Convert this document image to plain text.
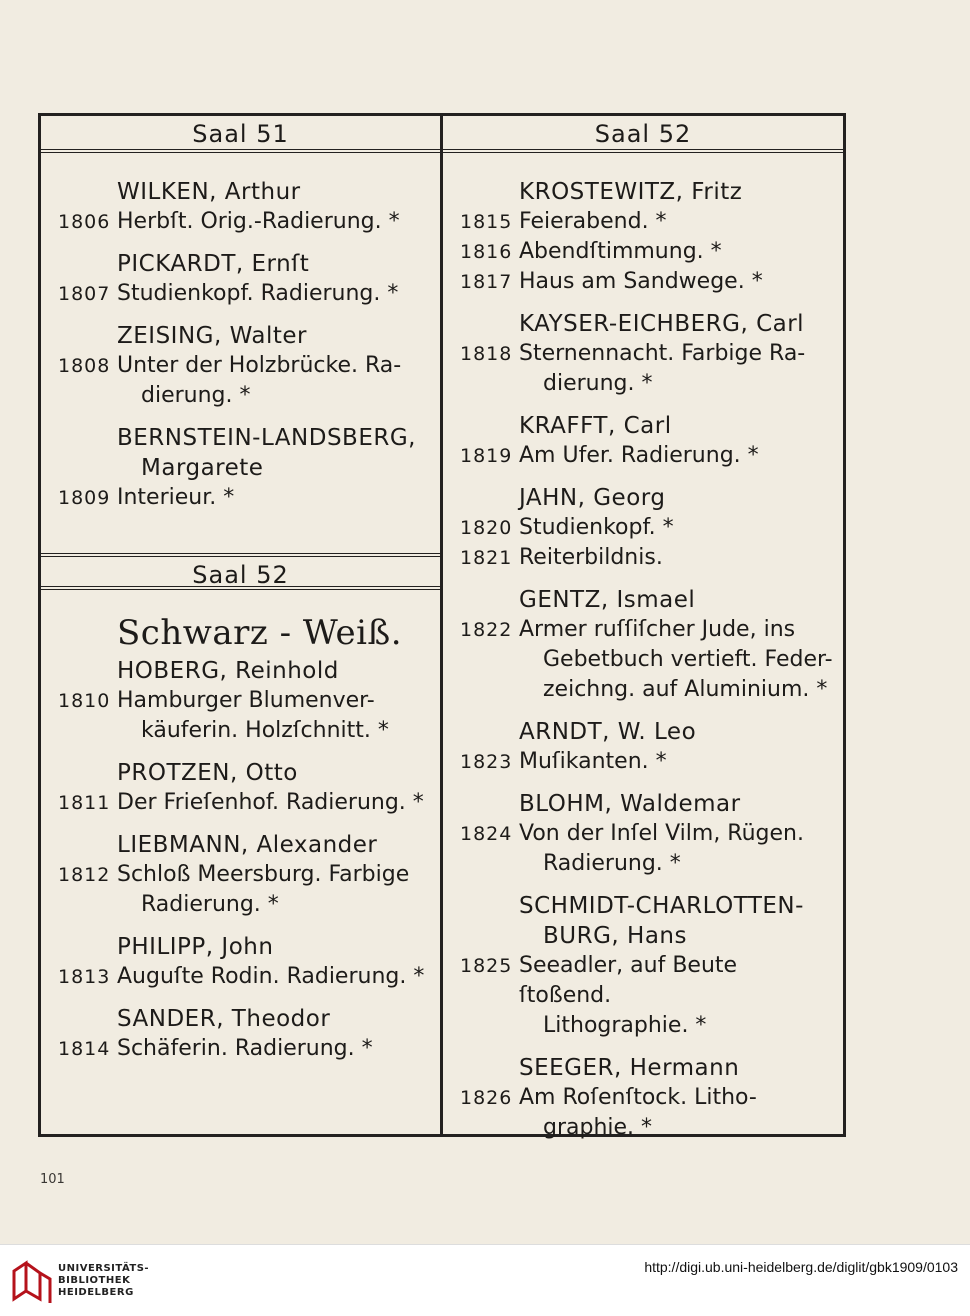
Saal 51
WILKEN, Arthur
1806 Herbſt. Orig.-Radierung. *
PICKARDT, Ernſt
1807 Studienkopf. Radierung. *
ZEISING, Walter
1808 Unter der Holzbrücke. Ra-
dierung. *
BERNSTEIN-LANDSBERG,
Margarete
1809 Interieur. *
Saal 52
Schwarz - Weiß.
HOBERG, Reinhold
1810 Hamburger Blumenver-
käuferin. Holzſchnitt. *
PROTZEN, Otto
1811 Der Frieſenhof. Radierung. *
LIEBMANN, Alexander
1812 Schloß Meersburg. Farbige
Radierung. *
PHILIPP, John
1813 Auguſte Rodin. Radierung. *
SANDER, Theodor
1814 Schäferin. Radierung. *
Saal 52
KROSTEWITZ, Fritz
1815 Feierabend. *
1816 Abendſtimmung. *
1817 Haus am Sandwege. *
KAYSER-EICHBERG, Carl
1818 Sternennacht. Farbige Ra-
dierung. *
KRAFFT, Carl
1819 Am Ufer. Radierung. *
JAHN, Georg
1820 Studienkopf. *
1821 Reiterbildnis.
GENTZ, Ismael
1822 Armer ruſſiſcher Jude, ins
Gebetbuch vertieft. Feder-
zeichng. auf Aluminium. *
ARNDT, W. Leo
1823 Muſikanten. *
BLOHM, Waldemar
1824 Von der Inſel Vilm, Rügen.
Radierung. *
SCHMIDT-CHARLOTTEN-
BURG, Hans
1825 Seeadler, auf Beute ſtoßend.
Lithographie. *
SEEGER, Hermann
1826 Am Roſenſtock. Litho-
graphie. *
101
UNIVERSITÄTS-
BIBLIOTHEK
HEIDELBERG
http://digi.ub.uni-heidelberg.de/diglit/gbk1909/0103
